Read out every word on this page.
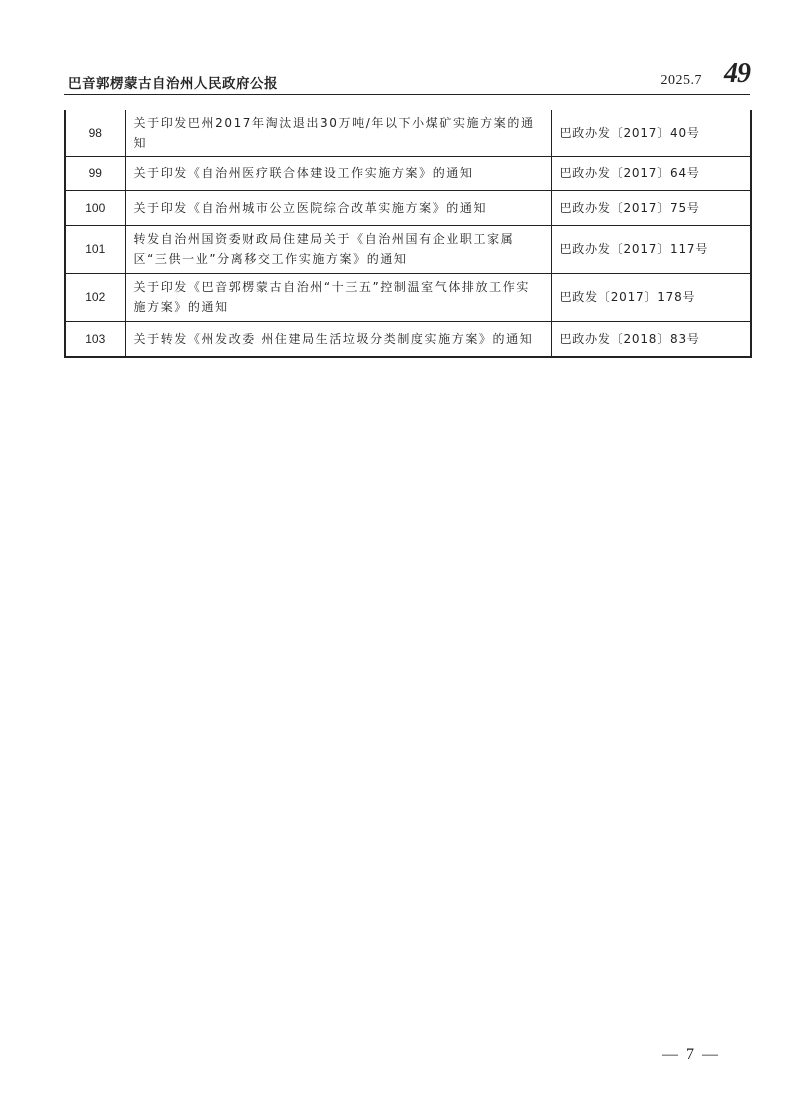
巴音郭楞蒙古自治州人民政府公报	2025.7 49
98	关于印发巴州2017年淘汰退出30万吨/年以下小煤矿实施方案的通知	巴政办发〔2017〕40号
99	关于印发《自治州医疗联合体建设工作实施方案》的通知	巴政办发〔2017〕64号
100	关于印发《自治州城市公立医院综合改革实施方案》的通知	巴政办发〔2017〕75号
101	转发自治州国资委财政局住建局关于《自治州国有企业职工家属区“三供一业”分离移交工作实施方案》的通知	巴政办发〔2017〕117号
102	关于印发《巴音郭楞蒙古自治州“十三五”控制温室气体排放工作实施方案》的通知	巴政发〔2017〕178号
103	关于转发《州发改委 州住建局生活垃圾分类制度实施方案》的通知	巴政办发〔2018〕83号
— 7 —
